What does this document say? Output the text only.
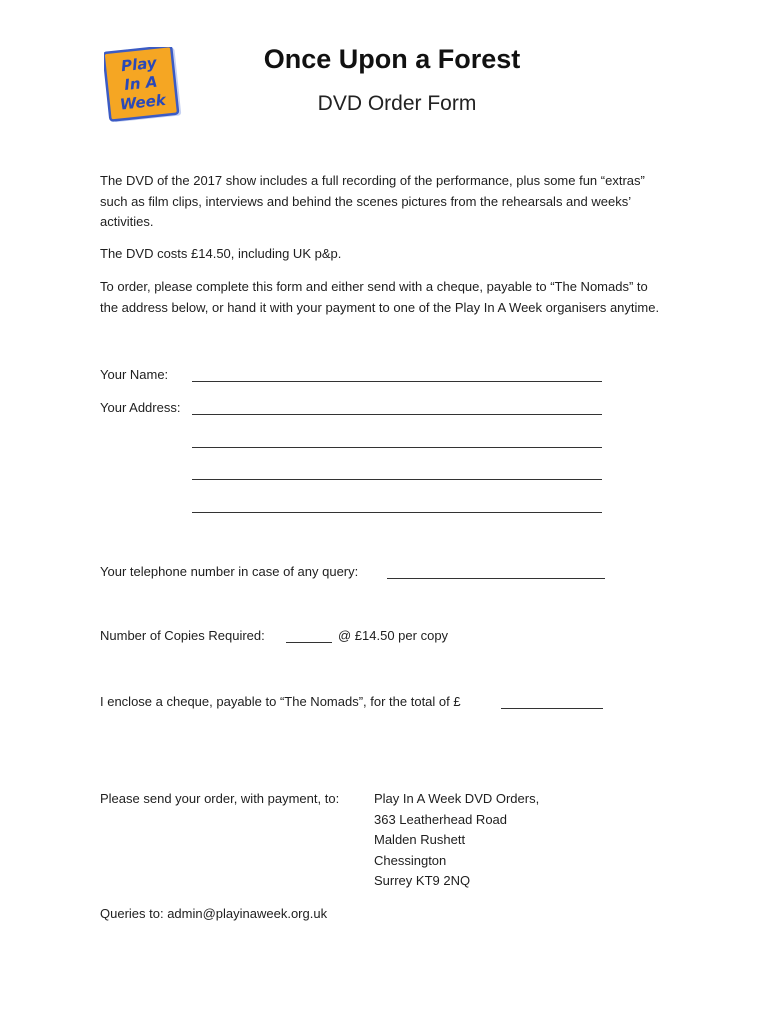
Play
In A
Week
Once Upon a Forest
DVD Order Form
The DVD of the 2017 show includes a full recording of the performance, plus some fun “extras” such as film clips, interviews and behind the scenes pictures from the rehearsals and weeks’ activities.
The DVD costs £14.50, including UK p&p.
To order, please complete this form and either send with a cheque, payable to “The Nomads” to the address below, or hand it with your payment to one of the Play In A Week organisers anytime.
Your Name:
Your Address:
Your telephone number in case of any query:
Number of Copies Required:	@ £14.50 per copy
I enclose a cheque, payable to “The Nomads”, for the total of £
Please send your order, with payment, to:	Play In A Week DVD Orders,
363 Leatherhead Road
Malden Rushett
Chessington
Surrey KT9 2NQ
Queries to: admin@playinaweek.org.uk
